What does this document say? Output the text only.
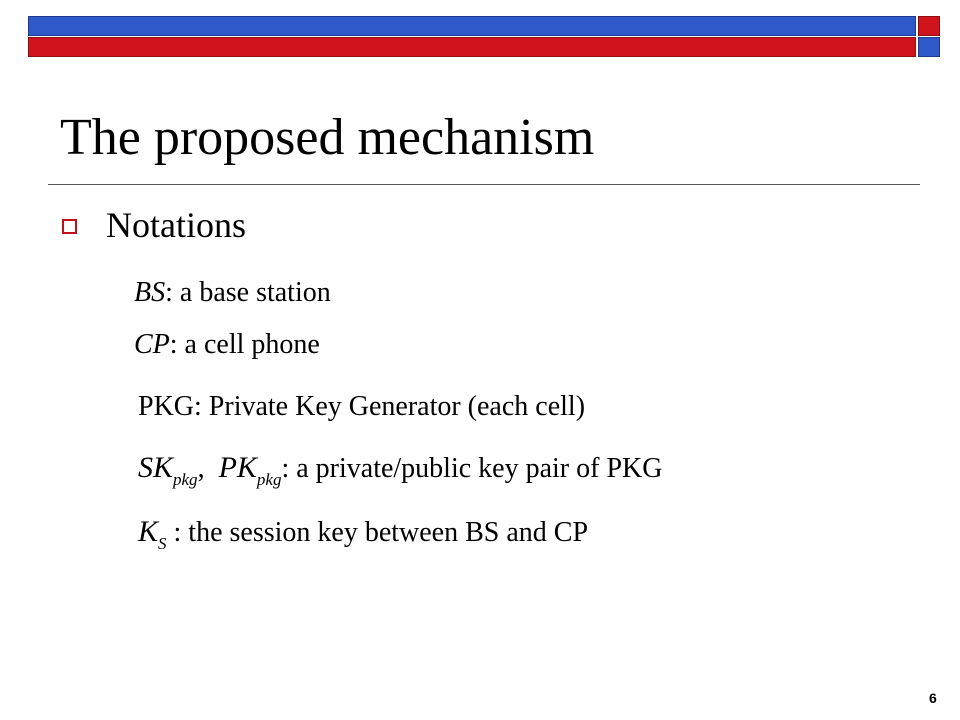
The proposed mechanism
Notations
BS: a base station
CP: a cell phone
PKG: Private Key Generator (each cell)
$SK_{pkg}$, $PK_{pkg}$: a private/public key pair of PKG
$K_S$ : the session key between BS and CP
6
